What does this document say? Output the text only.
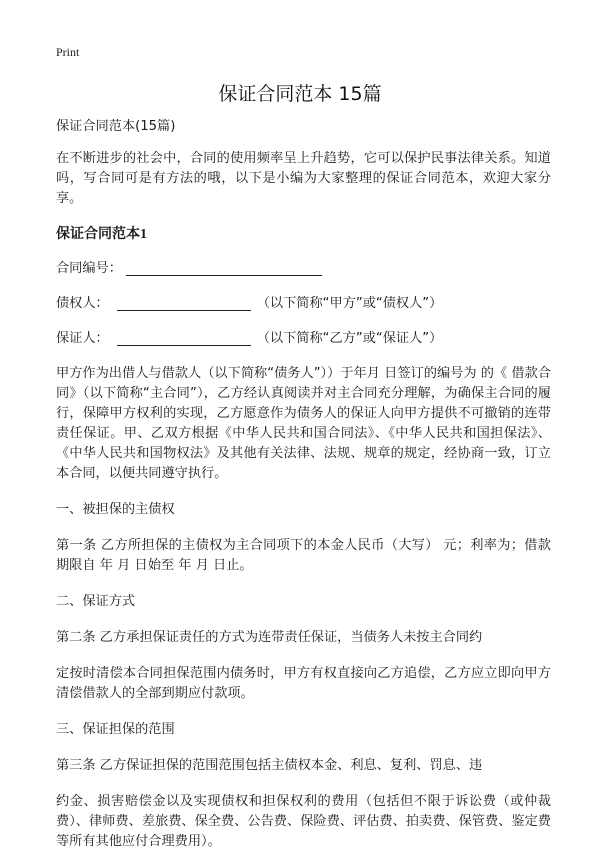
Print
保证合同范本 15篇

保证合同范本(15篇)

在不断进步的社会中，合同的使用频率呈上升趋势，它可以保护民事法律关系。知道吗，写合同可是有方法的哦，以下是小编为大家整理的保证合同范本，欢迎大家分享。

保证合同范本1

合同编号：
债权人：	（以下简称“甲方”或“债权人”）
保证人：	（以下简称“乙方”或“保证人”）

甲方作为出借人与借款人（以下简称“债务人”））于年月 日签订的编号为 的《 借款合同》（以下简称“主合同”），乙方经认真阅读并对主合同充分理解，为确保主合同的履行，保障甲方权利的实现，乙方愿意作为债务人的保证人向甲方提供不可撤销的连带责任保证。甲、乙双方根据《中华人民共和国合同法》、《中华人民共和国担保法》、《中华人民共和国物权法》及其他有关法律、法规、规章的规定，经协商一致，订立本合同，以便共同遵守执行。

一、被担保的主债权

第一条 乙方所担保的主债权为主合同项下的本金人民币（大写） 元；利率为；借款期限自 年 月 日始至 年 月 日止。

二、保证方式

第二条 乙方承担保证责任的方式为连带责任保证，当债务人未按主合同约

定按时清偿本合同担保范围内债务时，甲方有权直接向乙方追偿，乙方应立即向甲方清偿借款人的全部到期应付款项。

三、保证担保的范围

第三条 乙方保证担保的范围范围包括主债权本金、利息、复利、罚息、违

约金、损害赔偿金以及实现债权和担保权利的费用（包括但不限于诉讼费（或仲裁费）、律师费、差旅费、保全费、公告费、保险费、评估费、拍卖费、保管费、鉴定费等所有其他应付合理费用）。
